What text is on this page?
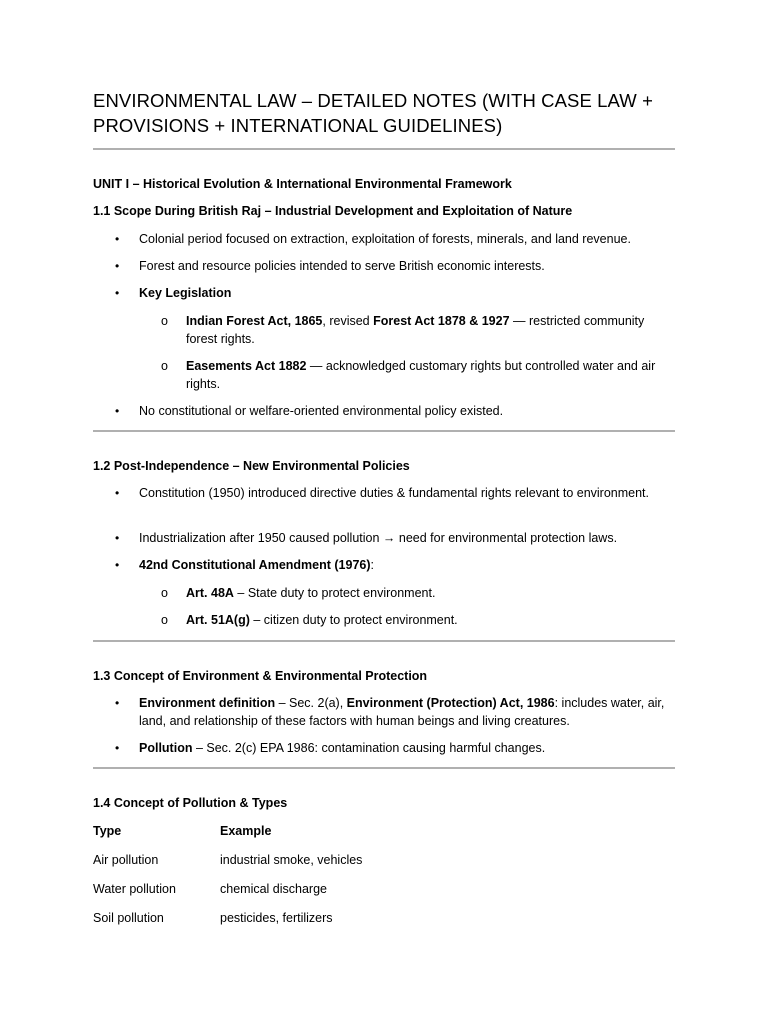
ENVIRONMENTAL LAW – DETAILED NOTES (WITH CASE LAW + PROVISIONS + INTERNATIONAL GUIDELINES)
UNIT I – Historical Evolution & International Environmental Framework
1.1 Scope During British Raj – Industrial Development and Exploitation of Nature
• Colonial period focused on extraction, exploitation of forests, minerals, and land revenue.
• Forest and resource policies intended to serve British economic interests.
• Key Legislation
o Indian Forest Act, 1865, revised Forest Act 1878 & 1927 — restricted community forest rights.
o Easements Act 1882 — acknowledged customary rights but controlled water and air rights.
• No constitutional or welfare-oriented environmental policy existed.
1.2 Post-Independence – New Environmental Policies
• Constitution (1950) introduced directive duties & fundamental rights relevant to environment.
• Industrialization after 1950 caused pollution → need for environmental protection laws.
• 42nd Constitutional Amendment (1976):
o Art. 48A – State duty to protect environment.
o Art. 51A(g) – citizen duty to protect environment.
1.3 Concept of Environment & Environmental Protection
• Environment definition – Sec. 2(a), Environment (Protection) Act, 1986: includes water, air, land, and relationship of these factors with human beings and living creatures.
• Pollution – Sec. 2(c) EPA 1986: contamination causing harmful changes.
1.4 Concept of Pollution & Types
Type	Example
Air pollution	industrial smoke, vehicles
Water pollution	chemical discharge
Soil pollution	pesticides, fertilizers
